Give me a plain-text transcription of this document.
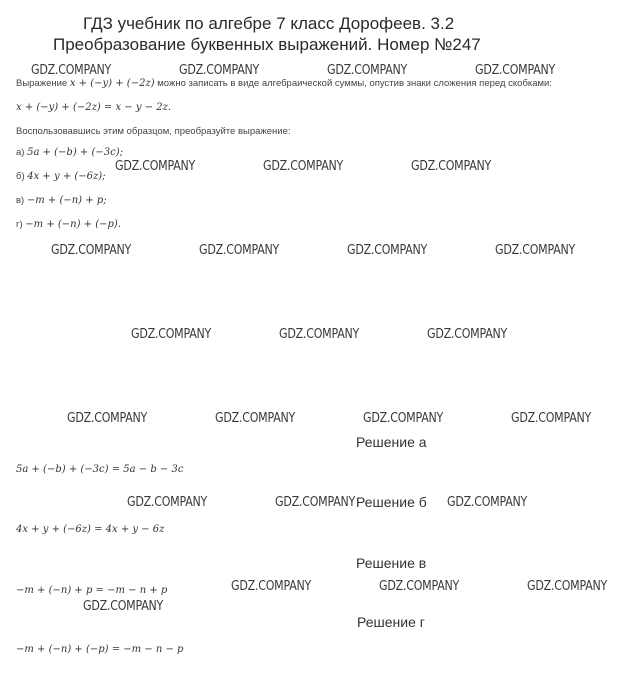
ГДЗ учебник по алгебре 7 класс Дорофеев. 3.2
Преобразование буквенных выражений. Номер №247
Выражение x + (−y) + (−2z) можно записать в виде алгебраической суммы, опустив знаки сложения перед скобками:
x + (−y) + (−2z) = x − y − 2z.
Воспользовавшись этим образцом, преобразуйте выражение:
а) 5a + (−b) + (−3c);
б) 4x + y + (−6z);
в) −m + (−n) + p;
г) −m + (−n) + (−p).
Решение а
5a + (−b) + (−3c) = 5a − b − 3c
Решение б
4x + y + (−6z) = 4x + y − 6z
Решение в
−m + (−n) + p = −m − n + p
Решение г
−m + (−n) + (−p) = −m − n − p
GDZ.COMPANY	GDZ.COMPANY	GDZ.COMPANY	GDZ.COMPANY
GDZ.COMPANY	GDZ.COMPANY	GDZ.COMPANY
GDZ.COMPANY	GDZ.COMPANY	GDZ.COMPANY	GDZ.COMPANY
GDZ.COMPANY	GDZ.COMPANY	GDZ.COMPANY
GDZ.COMPANY	GDZ.COMPANY	GDZ.COMPANY	GDZ.COMPANY
GDZ.COMPANY	GDZ.COMPANY	GDZ.COMPANY
GDZ.COMPANY	GDZ.COMPANY	GDZ.COMPANY
GDZ.COMPANY
